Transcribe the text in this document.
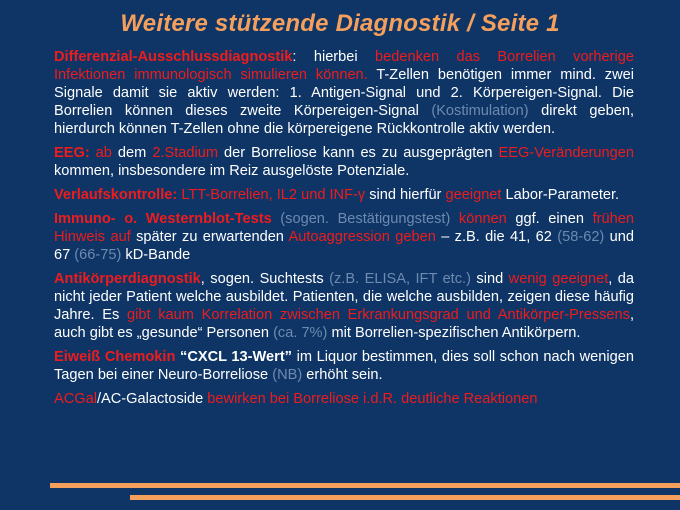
Weitere stützende Diagnostik / Seite 1
Differenzial-Ausschlussdiagnostik: hierbei bedenken das Borrelien vorherige Infektionen immunologisch simulieren können. T-Zellen benötigen immer mind. zwei Signale damit sie aktiv werden: 1. Antigen-Signal und 2. Körpereigen-Signal. Die Borrelien können dieses zweite Körpereigen-Signal (Kostimulation) direkt geben, hierdurch können T-Zellen ohne die körpereigene Rückkontrolle aktiv werden.
EEG: ab dem 2.Stadium der Borreliose kann es zu ausgeprägten EEG-Veränderungen kommen, insbesondere im Reiz ausgelöste Potenziale.
Verlaufskontrolle: LTT-Borrelien, IL2 und INF-γ sind hierfür geeignet Labor-Parameter.
Immuno- o. Westernblot-Tests (sogen. Bestätigungstest) können ggf. einen frühen Hinweis auf später zu erwartenden Autoaggression geben – z.B. die 41, 62 (58-62) und 67 (66-75) kD-Bande
Antikörperdiagnostik, sogen. Suchtests (z.B. ELISA, IFT etc.) sind wenig geeignet, da nicht jeder Patient welche ausbildet. Patienten, die welche ausbilden, zeigen diese häufig Jahre. Es gibt kaum Korrelation zwischen Erkrankungsgrad und Antikörper-Pressens, auch gibt es „gesunde“ Personen (ca. 7%) mit Borrelien-spezifischen Antikörpern.
Eiweiß Chemokin “CXCL 13-Wert” im Liquor bestimmen, dies soll schon nach wenigen Tagen bei einer Neuro-Borreliose (NB) erhöht sein.
ACGal/AC-Galactoside bewirken bei Borreliose i.d.R. deutliche Reaktionen
